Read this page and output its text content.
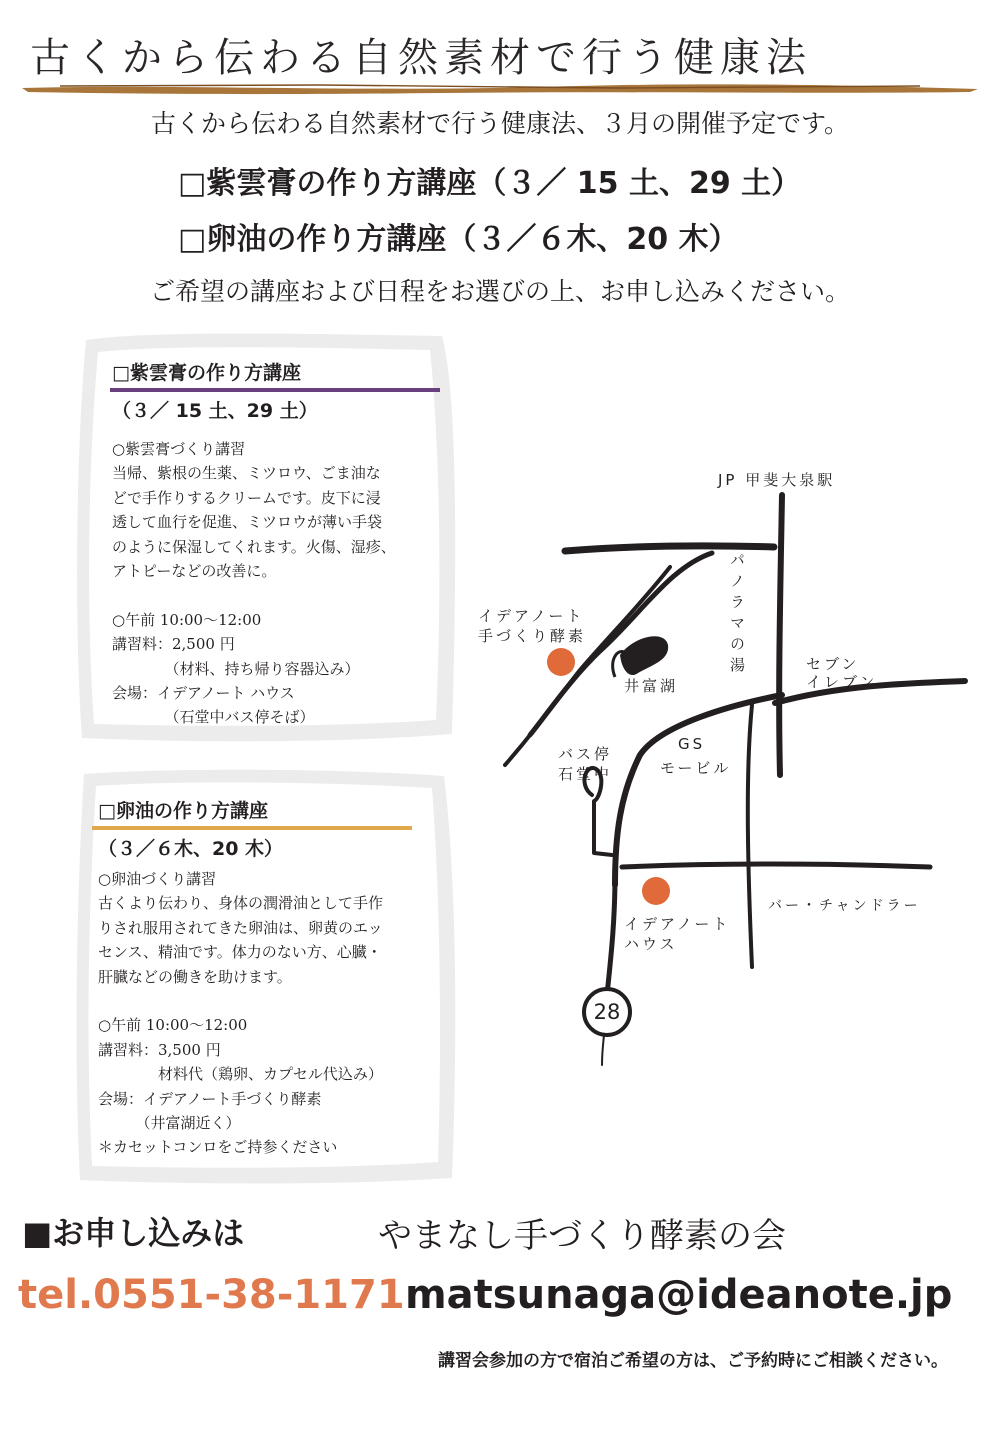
古くから伝わる自然素材で行う健康法
古くから伝わる自然素材で行う健康法、３月の開催予定です。
□紫雲膏の作り方講座（３／ 15 土、29 土）
□卵油の作り方講座（３／６木、20 木）
ご希望の講座および日程をお選びの上、お申し込みください。
□紫雲膏の作り方講座
（３／ 15 土、29 土）
○紫雲膏づくり講習
当帰、紫根の生薬、ミツロウ、ごま油な
どで手作りするクリームです。皮下に浸
透して血行を促進、ミツロウが薄い手袋
のように保湿してくれます。火傷、湿疹、
アトピーなどの改善に。
○午前 10:00〜12:00
講習料：2,500 円
　　　　（材料、持ち帰り容器込み）
会場：イデアノート ハウス
　　　　（石堂中バス停そば）
□卵油の作り方講座
（３／６木、20 木）
○卵油づくり講習
古くより伝わり、身体の潤滑油として手作
りされ服用されてきた卵油は、卵黄のエッ
センス、精油です。体力のない方、心臓・
肝臓などの働きを助けます。
○午前 10:00〜12:00
講習料：3,500 円
　　　　材料代（鶏卵、カプセル代込み）
会場：イデアノート手づくり酵素
　　　（井富湖近く）
＊カセットコンロをご持参ください
28
JP 甲斐大泉駅
パノラマの湯	セブン
イレブン
イデアノート
手づくり酵素
井富湖
GS
モービル
バス停
石堂中
イデアノート
ハウス
バー・チャンドラー
■お申し込みは	やまなし手づくり酵素の会
tel.0551-38-1171 matsunaga@ideanote.jp
講習会参加の方で宿泊ご希望の方は、ご予約時にご相談ください。
